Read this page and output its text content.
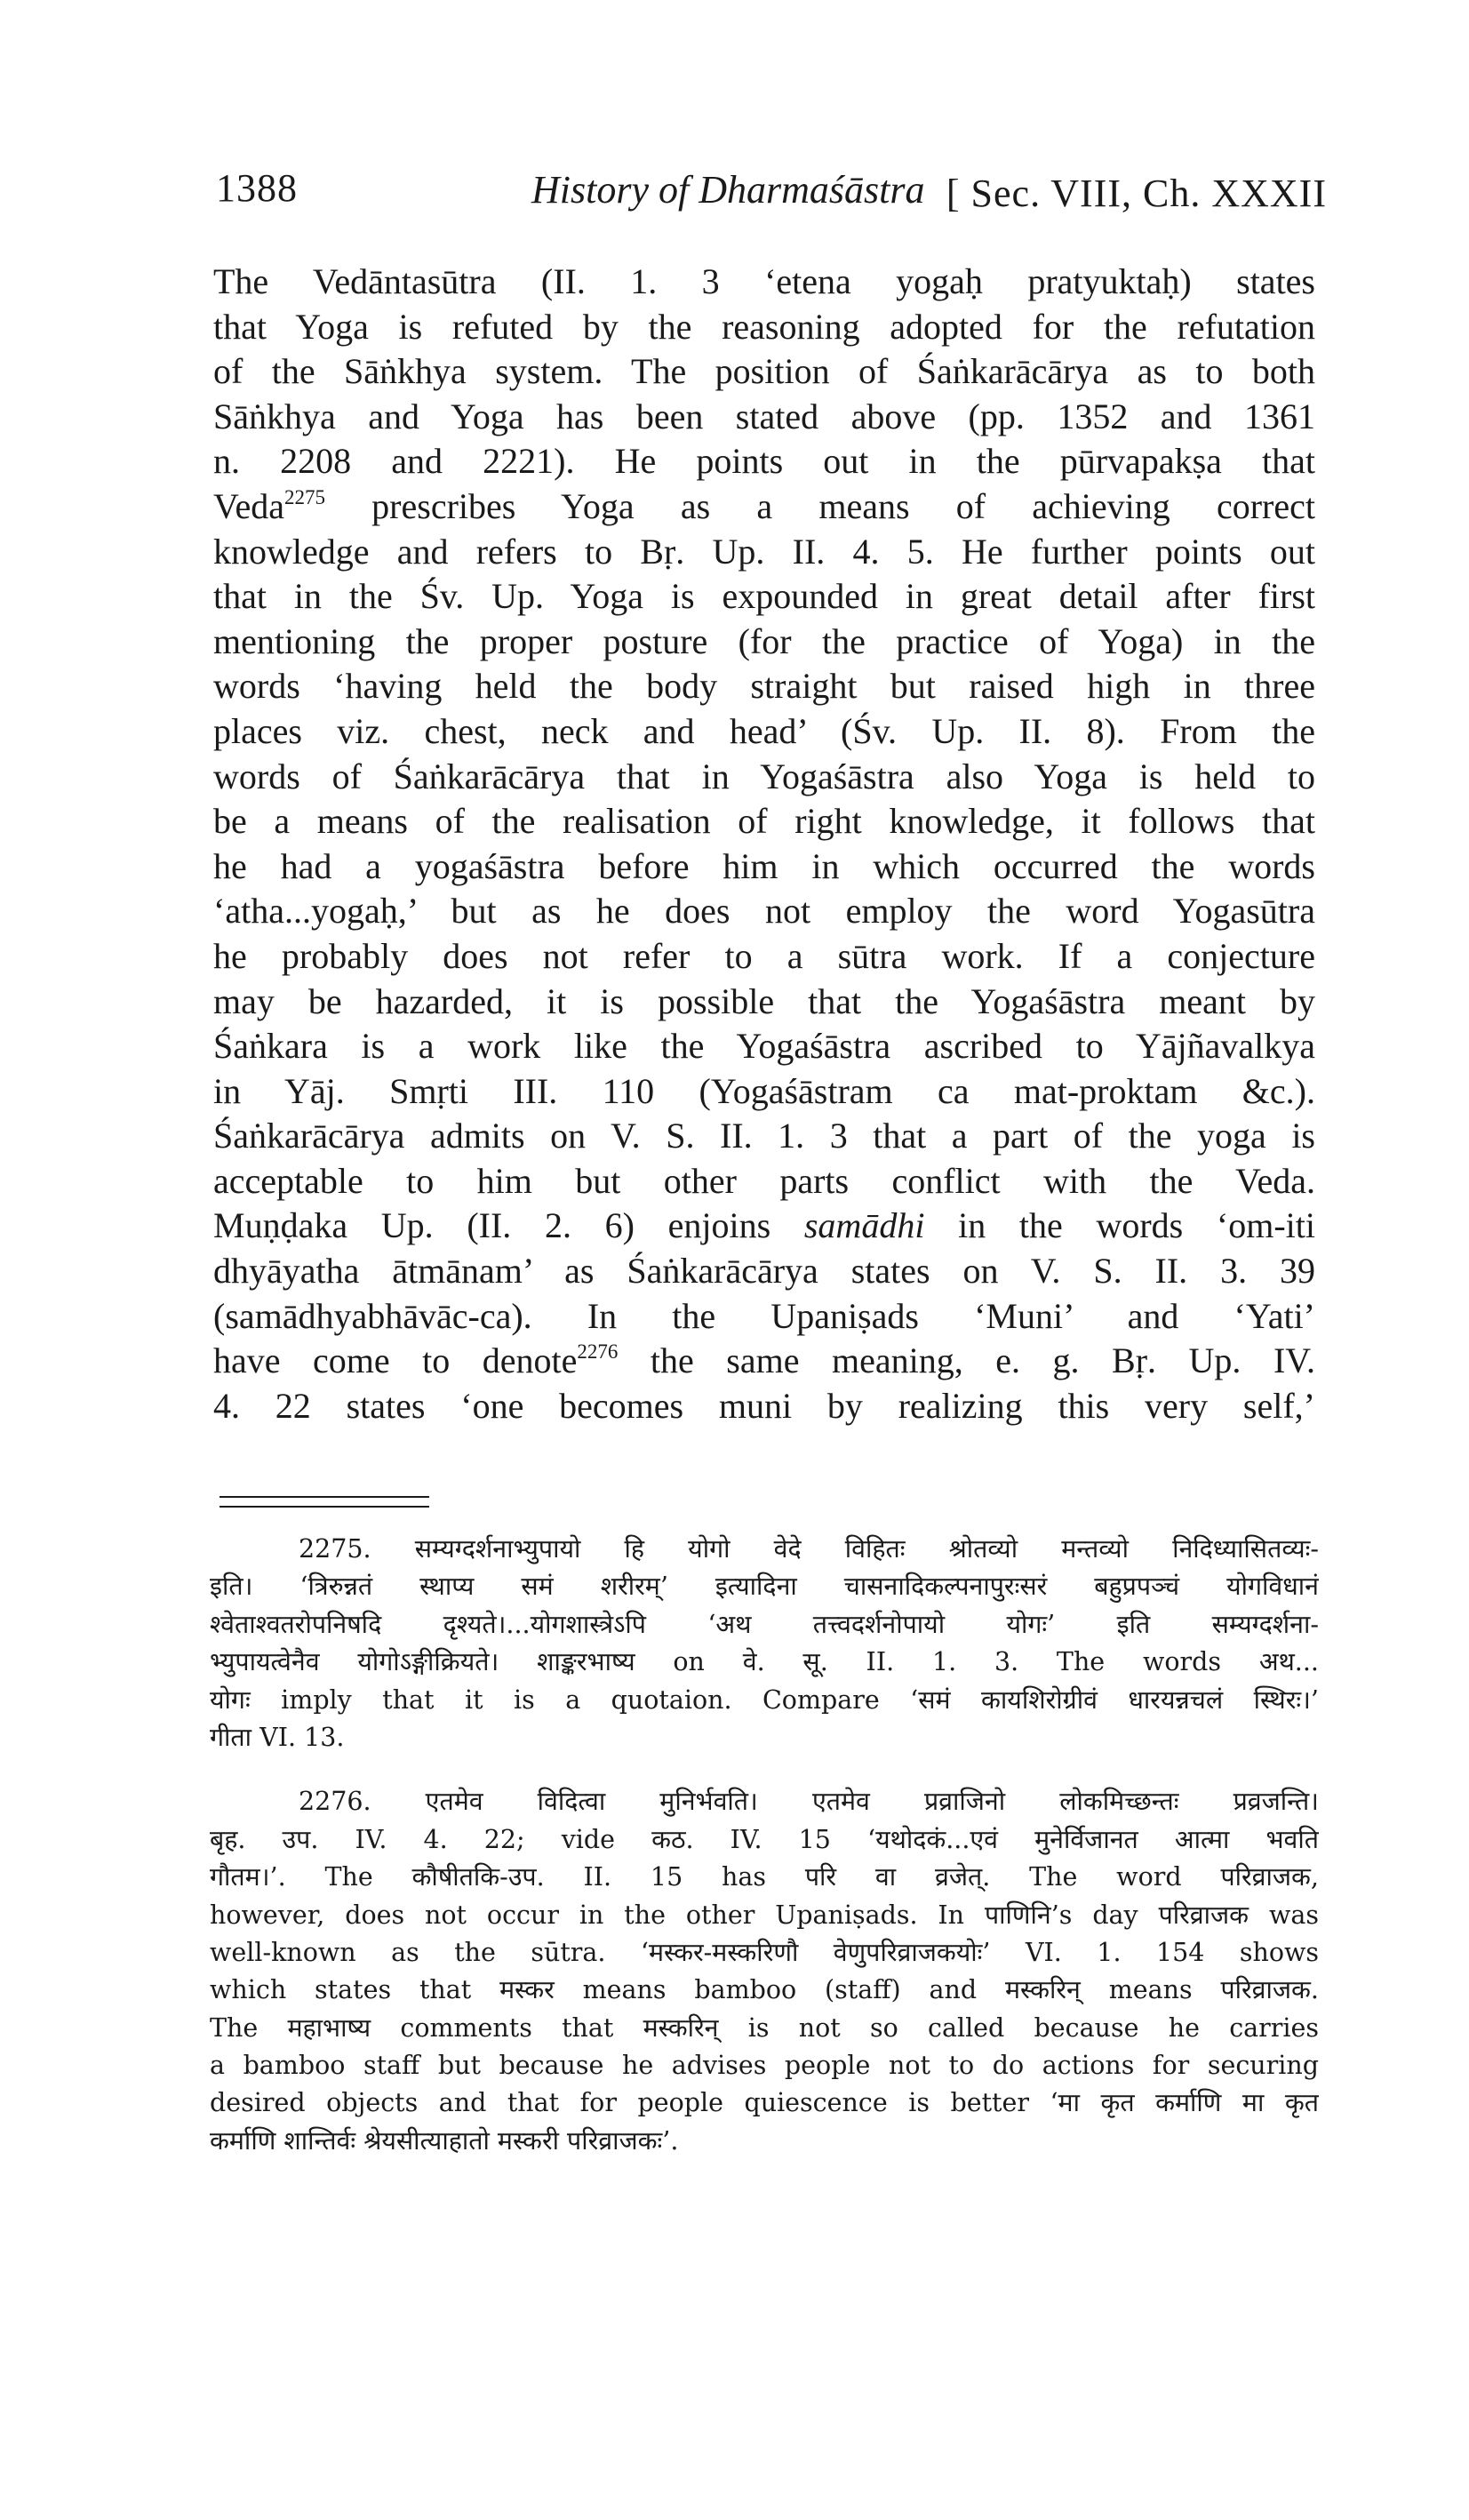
1388	History of Dharmaśāstra [ Sec. VIII, Ch. XXXII
The Vedāntasūtra (II. 1. 3 ‘etena yogaḥ pratyuktaḥ) states
that Yoga is refuted by the reasoning adopted for the refutation
of the Sāṅkhya system. The position of Śaṅkarācārya as to both
Sāṅkhya and Yoga has been stated above (pp. 1352 and 1361
n. 2208 and 2221). He points out in the pūrvapakṣa that
Veda$^{2275}$ prescribes Yoga as a means of achieving correct
knowledge and refers to Bṛ. Up. II. 4. 5. He further points out
that in the Śv. Up. Yoga is expounded in great detail after first
mentioning the proper posture (for the practice of Yoga) in the
words ‘having held the body straight but raised high in three
places viz. chest, neck and head’ (Śv. Up. II. 8). From the
words of Śaṅkarācārya that in Yogaśāstra also Yoga is held to
be a means of the realisation of right knowledge, it follows that
he had a yogaśāstra before him in which occurred the words
‘atha...yogaḥ,’ but as he does not employ the word Yogasūtra
he probably does not refer to a sūtra work. If a conjecture
may be hazarded, it is possible that the Yogaśāstra meant by
Śaṅkara is a work like the Yogaśāstra ascribed to Yājñavalkya
in Yāj. Smṛti III. 110 (Yogaśāstram ca mat-proktam &c.).
Śaṅkarācārya admits on V. S. II. 1. 3 that a part of the yoga is
acceptable to him but other parts conflict with the Veda.
Muṇḍaka Up. (II. 2. 6) enjoins samādhi in the words ‘om-iti
dhyāyatha ātmānam’ as Śaṅkarācārya states on V. S. II. 3. 39
(samādhyabhāvāc-ca). In the Upaniṣads ‘Muni’ and ‘Yati’
have come to denote$^{2276}$ the same meaning, e. g. Bṛ. Up. IV.
4. 22 states ‘one becomes muni by realizing this very self,’
2275. सम्यग्दर्शनाभ्युपायो हि योगो वेदे विहितः श्रोतव्यो मन्तव्यो निदिध्यासितव्यः-
इति। ‘त्रिरुन्नतं स्थाप्य समं शरीरम्’ इत्यादिना चासनादिकल्पनापुरःसरं बहुप्रपञ्चं योगविधानं
श्वेताश्वतरोपनिषदि दृश्यते।...योगशास्त्रेऽपि ‘अथ तत्त्वदर्शनोपायो योगः’ इति सम्यग्दर्शना-
भ्युपायत्वेनैव योगोऽङ्गीक्रियते। शाङ्करभाष्य on वे. सू. II. 1. 3. The words अथ...
योगः imply that it is a quotaion. Compare ‘समं कायशिरोग्रीवं धारयन्नचलं स्थिरः।’
गीता VI. 13.
2276. एतमेव विदित्वा मुनिर्भवति। एतमेव प्रव्राजिनो लोकमिच्छन्तः प्रव्रजन्ति।
बृह. उप. IV. 4. 22; vide कठ. IV. 15 ‘यथोदकं...एवं मुनेर्विजानत आत्मा भवति
गौतम।’. The कौषीतकि-उप. II. 15 has परि वा व्रजेत्. The word परिव्राजक,
however, does not occur in the other Upaniṣads. In पाणिनि’s day परिव्राजक was
well-known as the sūtra. ‘मस्कर-मस्करिणौ वेणुपरिव्राजकयोः’ VI. 1. 154 shows
which states that मस्कर means bamboo (staff) and मस्करिन् means परिव्राजक.
The महाभाष्य comments that मस्करिन् is not so called because he carries
a bamboo staff but because he advises people not to do actions for securing
desired objects and that for people quiescence is better ‘मा कृत कर्माणि मा कृत
कर्माणि शान्तिर्वः श्रेयसीत्याहातो मस्करी परिव्राजकः’.
